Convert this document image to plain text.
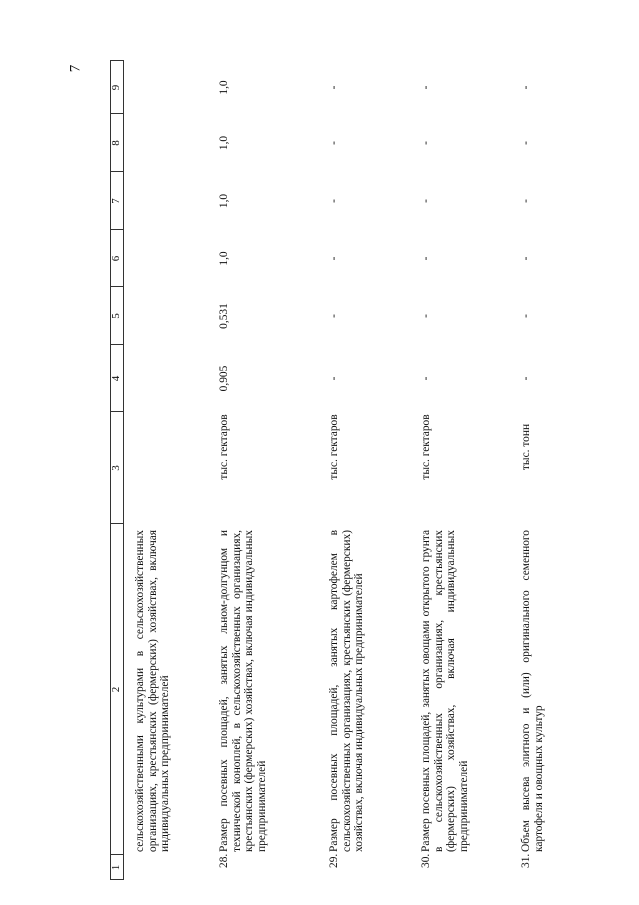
7
1
2
3
4
5
6
7
8
9
сельскохозяйственными культурами в сельскохозяйственных организациях, крестьянских (фермерских) хозяйствах, включая индивидуальных предпринимателей
28.
Размер посевных площадей, занятых льном-долгунцом и технической коноплей, в сельскохозяйственных организациях, крестьянских (фермерских) хозяйствах, включая индивидуальных предпринимателей
тыс. гектаров
0,905
0,531
1,0
1,0
1,0
1,0
29.
Размер посевных площадей, занятых картофелем в сельскохозяйственных организациях, крестьянских (фермерских) хозяйствах, включая индивидуальных предпринимателей
тыс. гектаров
-
-
-
-
-
-
30.
Размер посевных площадей, занятых овощами открытого грунта в сельскохозяйственных организациях, крестьянских (фермерских) хозяйствах, включая индивидуальных предпринимателей
тыс. гектаров
-
-
-
-
-
-
31.
Объем высева элитного и (или) оригинального семенного картофеля и овощных культур
тыс. тонн
-
-
-
-
-
-
